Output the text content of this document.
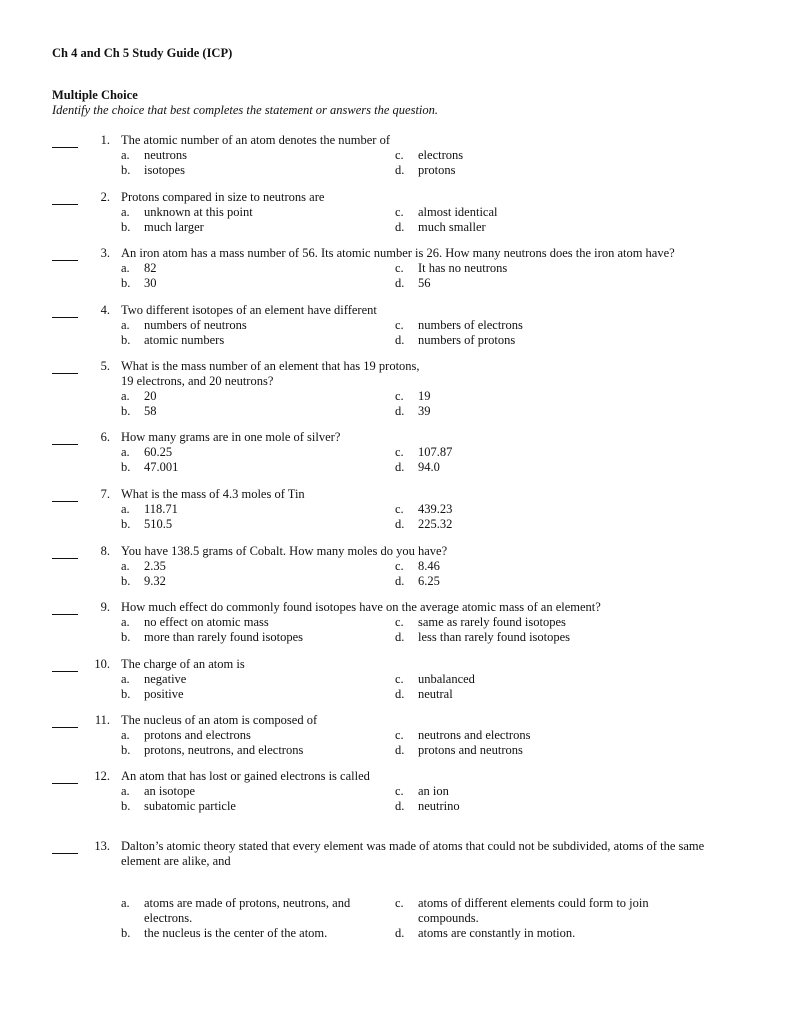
Ch 4 and Ch 5 Study Guide (ICP)
Multiple Choice
Identify the choice that best completes the statement or answers the question.
1. The atomic number of an atom denotes the number of
a. neutrons
b. isotopes
c. electrons
d. protons
2. Protons compared in size to neutrons are
a. unknown at this point
b. much larger
c. almost identical
d. much smaller
3. An iron atom has a mass number of 56. Its atomic number is 26. How many neutrons does the iron atom have?
a. 82
b. 30
c. It has no neutrons
d. 56
4. Two different isotopes of an element have different
a. numbers of neutrons
b. atomic numbers
c. numbers of electrons
d. numbers of protons
5. What is the mass number of an element that has 19 protons,
19 electrons, and 20 neutrons?
a. 20
b. 58
c. 19
d. 39
6. How many grams are in one mole of silver?
a. 60.25
b. 47.001
c. 107.87
d. 94.0
7. What is the mass of 4.3 moles of Tin
a. 118.71
b. 510.5
c. 439.23
d. 225.32
8. You have 138.5 grams of Cobalt. How many moles do you have?
a. 2.35
b. 9.32
c. 8.46
d. 6.25
9. How much effect do commonly found isotopes have on the average atomic mass of an element?
a. no effect on atomic mass
b. more than rarely found isotopes
c. same as rarely found isotopes
d. less than rarely found isotopes
10. The charge of an atom is
a. negative
b. positive
c. unbalanced
d. neutral
11. The nucleus of an atom is composed of
a. protons and electrons
b. protons, neutrons, and electrons
c. neutrons and electrons
d. protons and neutrons
12. An atom that has lost or gained electrons is called
a. an isotope
b. subatomic particle
c. an ion
d. neutrino
13. Dalton’s atomic theory stated that every element was made of atoms that could not be subdivided, atoms of the same
element are alike, and
a. atoms are made of protons, neutrons, and
electrons.
b. the nucleus is the center of the atom.
c. atoms of different elements could form to join
compounds.
d. atoms are constantly in motion.
